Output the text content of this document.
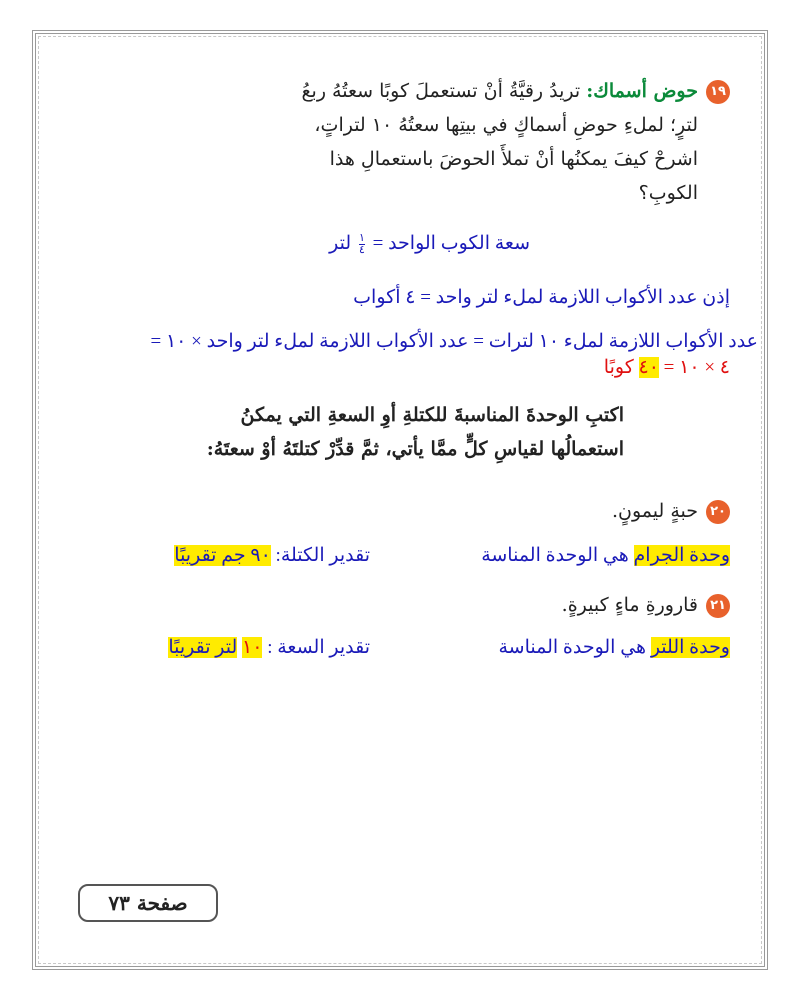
١٩حوض أسماك: تريدُ رقيَّةُ أنْ تستعملَ كوبًا سعتُهُ ربعُ
لترٍ؛ لملءِ حوضِ أسماكٍ في بيتِها سعتُهُ ١٠ لتراتٍ،
اشرحْ كيفَ يمكنُها أنْ تملأَ الحوضَ باستعمالِ هذا
الكوبِ؟
سعة الكوب الواحد =
$\frac{١}{٤}$
لتر
إذن عدد الأكواب اللازمة لملء لتر واحد = ٤ أكواب
عدد الأكواب اللازمة لملء ١٠ لترات = عدد الأكواب اللازمة لملء لتر واحد × ١٠ =
٤ × ١٠ = ٤٠ كوبًا
اكتبِ الوحدةَ المناسبةَ للكتلةِ أوِ السعةِ التي يمكنُ
استعمالُها لقياسِ كلٍّ ممَّا يأتي، ثمَّ قدِّرْ كتلتَهُ أوْ سعتَهُ:
٢٠حبةٍ ليمونٍ.
وحدة الجرام هي الوحدة المناسة
تقدير الكتلة: ٩٠ جم تقريبًا
٢١قارورةِ ماءٍ كبيرةٍ.
وحدة اللتر هي الوحدة المناسة
تقدير السعة : ١٠ لتر تقريبًا
صفحة ٧٣
